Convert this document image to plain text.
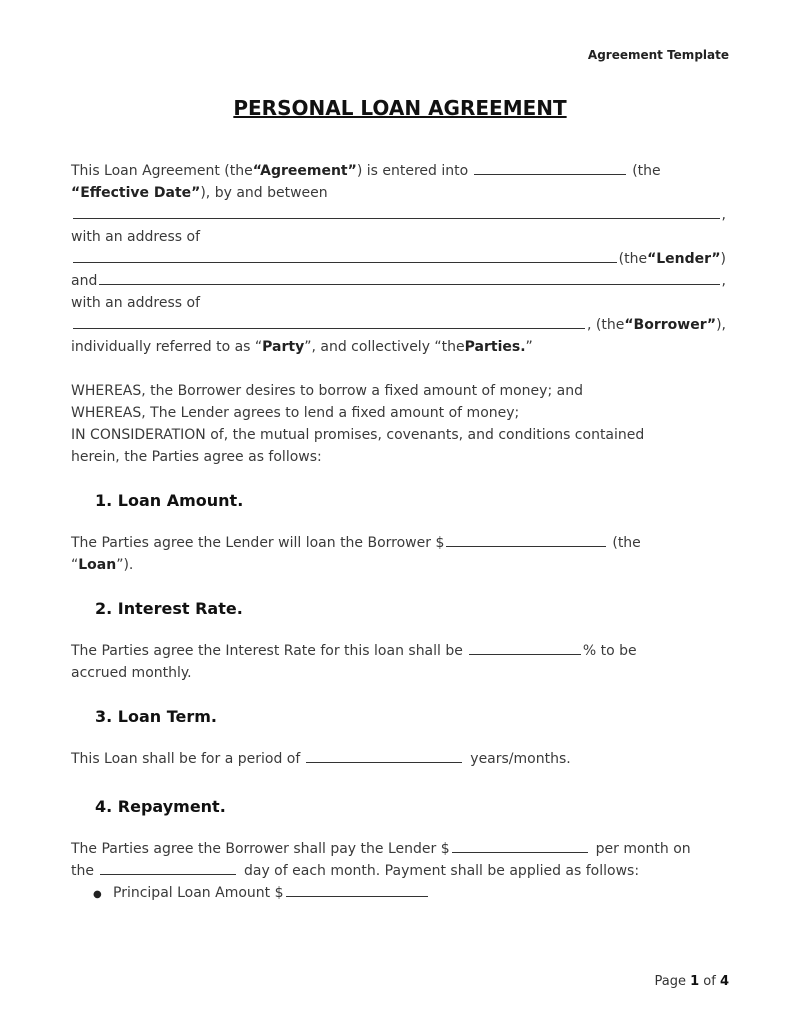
Agreement Template
PERSONAL LOAN AGREEMENT
This Loan Agreement (the “Agreement” ) is entered into	(the
“Effective Date” ), by and between
,
with an address of
(the “Lender” )
and	,
with an address of
, (the “Borrower” ),
individually referred to as “ Party ”, and collectively “the Parties. ”
WHEREAS, the Borrower desires to borrow a fixed amount of money; and
WHEREAS, The Lender agrees to lend a fixed amount of money;
IN CONSIDERATION of, the mutual promises, covenants, and conditions contained
herein, the Parties agree as follows:
1. Loan Amount.
The Parties agree the Lender will loan the Borrower $	(the
“ Loan ”).
2. Interest Rate.
The Parties agree the Interest Rate for this loan shall be	% to be
accrued monthly.
3. Loan Term.
This Loan shall be for a period of	years/months.
4. Repayment.
The Parties agree the Borrower shall pay the Lender $	per month on
the	day of each month. Payment shall be applied as follows:
● Principal Loan Amount $
Page 1 of 4
